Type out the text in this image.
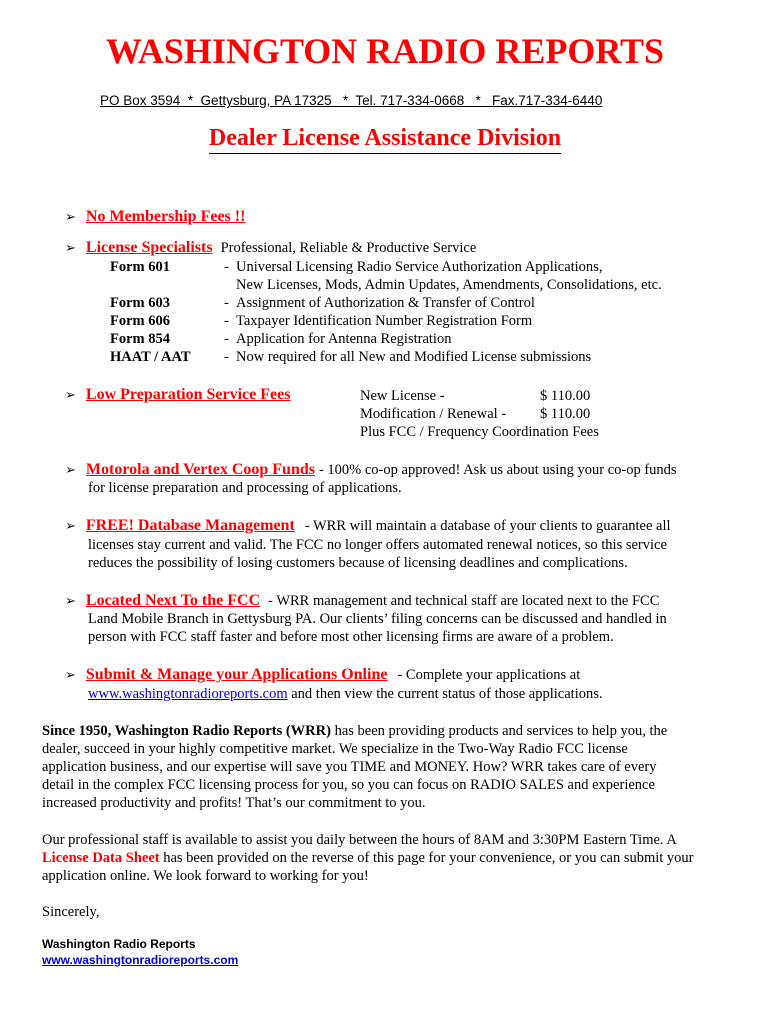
WASHINGTON RADIO REPORTS
PO Box 3594  *  Gettysburg, PA 17325   *  Tel. 717-334-0668   *   Fax.717-334-6440
Dealer License Assistance Division
➢ No Membership Fees !!
➢ License Specialists Professional, Reliable & Productive Service
Form 601	- Universal Licensing Radio Service Authorization Applications,
New Licenses, Mods, Admin Updates, Amendments, Consolidations, etc.
Form 603	- Assignment of Authorization & Transfer of Control
Form 606	- Taxpayer Identification Number Registration Form
Form 854	- Application for Antenna Registration
HAAT / AAT - Now required for all New and Modified License submissions
➢ Low Preparation Service Fees	New License -	$ 110.00
Modification / Renewal - $ 110.00
Plus FCC / Frequency Coordination Fees
➢ Motorola and Vertex Coop Funds - 100% co-op approved! Ask us about using your co-op funds
for license preparation and processing of applications.
➢ FREE! Database Management - WRR will maintain a database of your clients to guarantee all
licenses stay current and valid. The FCC no longer offers automated renewal notices, so this service
reduces the possibility of losing customers because of licensing deadlines and complications.
➢ Located Next To the FCC - WRR management and technical staff are located next to the FCC
Land Mobile Branch in Gettysburg PA. Our clients’ filing concerns can be discussed and handled in
person with FCC staff faster and before most other licensing firms are aware of a problem.
➢ Submit & Manage your Applications Online - Complete your applications at
www.washingtonradioreports.com and then view the current status of those applications.
Since 1950, Washington Radio Reports (WRR) has been providing products and services to help you, the
dealer, succeed in your highly competitive market. We specialize in the Two-Way Radio FCC license
application business, and our expertise will save you TIME and MONEY. How? WRR takes care of every
detail in the complex FCC licensing process for you, so you can focus on RADIO SALES and experience
increased productivity and profits! That’s our commitment to you.
Our professional staff is available to assist you daily between the hours of 8AM and 3:30PM Eastern Time. A
License Data Sheet has been provided on the reverse of this page for your convenience, or you can submit your
application online. We look forward to working for you!
Sincerely,
Washington Radio Reports
www.washingtonradioreports.com
